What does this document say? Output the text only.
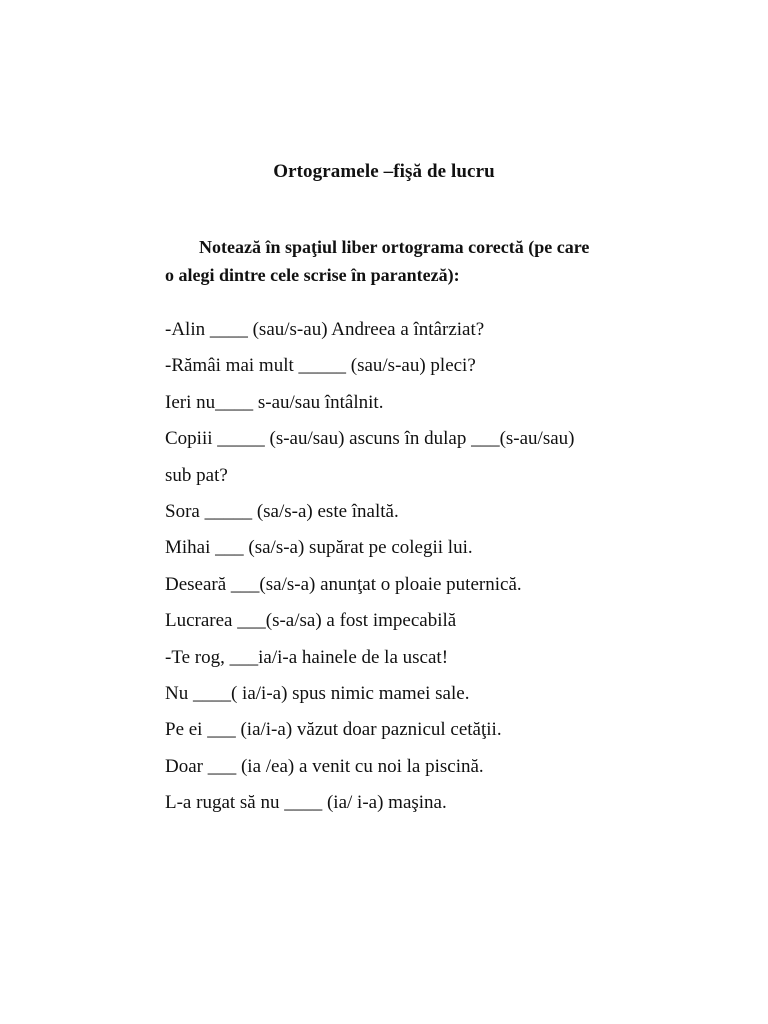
Ortogramele –fişă de lucru
Notează în spaţiul liber ortograma corectă (pe care
o alegi dintre cele scrise în paranteză):
-Alin ____ (sau/s-au) Andreea a întârziat?
-Rămâi mai mult _____ (sau/s-au) pleci?
Ieri nu____ s-au/sau întâlnit.
Copiii _____ (s-au/sau) ascuns în dulap ___(s-au/sau)
sub pat?
Sora _____ (sa/s-a) este înaltă.
Mihai ___ (sa/s-a) supărat pe colegii lui.
Deseară ___(sa/s-a) anunţat o ploaie puternică.
Lucrarea ___(s-a/sa) a fost impecabilă
-Te rog, ___ia/i-a hainele de la uscat!
Nu ____( ia/i-a) spus nimic mamei sale.
Pe ei ___ (ia/i-a) văzut doar paznicul cetăţii.
Doar ___ (ia /ea) a venit cu noi la piscină.
L-a rugat să nu ____ (ia/ i-a) maşina.
